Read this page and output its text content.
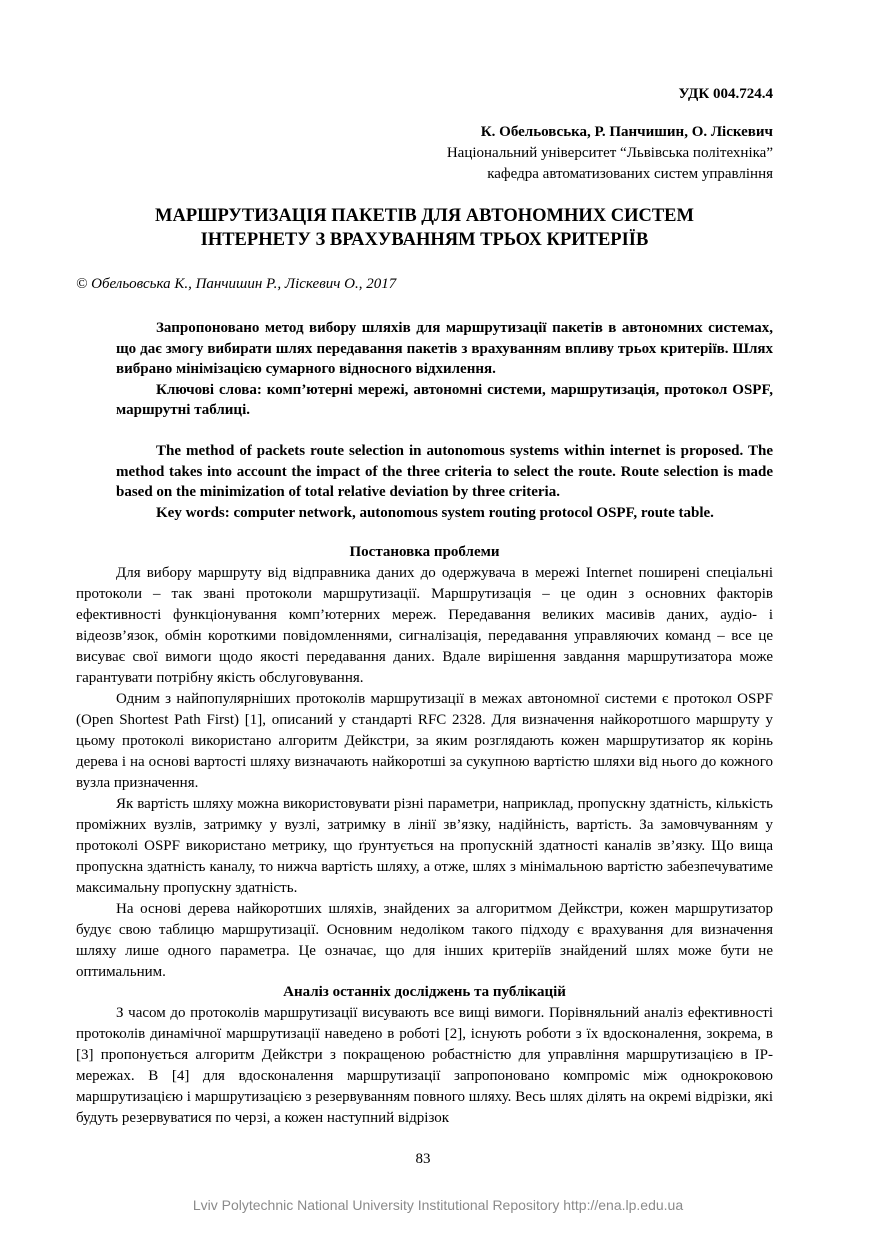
УДК 004.724.4
К. Обельовська, Р. Панчишин, О. Ліскевич
Національний університет “Львівська політехніка”
кафедра автоматизованих систем управління
МАРШРУТИЗАЦІЯ ПАКЕТІВ ДЛЯ АВТОНОМНИХ СИСТЕМ
ІНТЕРНЕТУ З ВРАХУВАННЯМ ТРЬОХ КРИТЕРІЇВ
© Обельовська К., Панчишин Р., Ліскевич О., 2017

Запропоновано метод вибору шляхів для маршрутизації пакетів в автономних системах, що дає змогу вибирати шлях передавання пакетів з врахуванням впливу трьох критеріїв. Шлях вибрано мінімізацією сумарного відносного відхилення.

Ключові слова: комп’ютерні мережі, автономні системи, маршрутизація, протокол OSPF, маршрутні таблиці.

The method of packets route selection in autonomous systems within internet is proposed. The method takes into account the impact of the three criteria to select the route. Route selection is made based on the minimization of total relative deviation by three criteria.

Key words: computer network, autonomous system routing protocol OSPF, route table.

Постановка проблеми

Для вибору маршруту від відправника даних до одержувача в мережі Internet поширені спеціальні протоколи – так звані протоколи маршрутизації. Маршрутизація – це один з основних факторів ефективності функціонування комп’ютерних мереж. Передавання великих масивів даних, аудіо- і відеозв’язок, обмін короткими повідомленнями, сигналізація, передавання управляючих команд – все це висуває свої вимоги щодо якості передавання даних. Вдале вирішення завдання маршрутизатора може гарантувати потрібну якість обслуговування.

Одним з найпопулярніших протоколів маршрутизації в межах автономної системи є протокол OSPF (Open Shortest Path First) [1], описаний у стандарті RFC 2328. Для визначення найкоротшого маршруту у цьому протоколі використано алгоритм Дейкстри, за яким розглядають кожен маршрутизатор як корінь дерева і на основі вартості шляху визначають найкоротші за сукупною вартістю шляхи від нього до кожного вузла призначення.

Як вартість шляху можна використовувати різні параметри, наприклад, пропускну здатність, кількість проміжних вузлів, затримку у вузлі, затримку в лінії зв’язку, надійність, вартість. За замовчуванням у протоколі OSPF використано метрику, що ґрунтується на пропускній здатності каналів зв’язку. Що вища пропускна здатність каналу, то нижча вартість шляху, а отже, шлях з мінімальною вартістю забезпечуватиме максимальну пропускну здатність.

На основі дерева найкоротших шляхів, знайдених за алгоритмом Дейкстри, кожен маршрутизатор будує свою таблицю маршрутизації. Основним недоліком такого підходу є врахування для визначення шляху лише одного параметра. Це означає, що для інших критеріїв знайдений шлях може бути не оптимальним.

Аналіз останніх досліджень та публікацій

З часом до протоколів маршрутизації висувають все вищі вимоги. Порівняльний аналіз ефективності протоколів динамічної маршрутизації наведено в роботі [2], існують роботи з їх вдосконалення, зокрема, в [3] пропонується алгоритм Дейкстри з покращеною робастністю для управління маршрутизацією в IP-мережах. В [4] для вдосконалення маршрутизації запропоновано компроміс між однокроковою маршрутизацією і маршрутизацією з резервуванням повного шляху. Весь шлях ділять на окремі відрізки, які будуть резервуватися по черзі, а кожен наступний відрізок

83
Lviv Polytechnic National University Institutional Repository http://ena.lp.edu.ua
